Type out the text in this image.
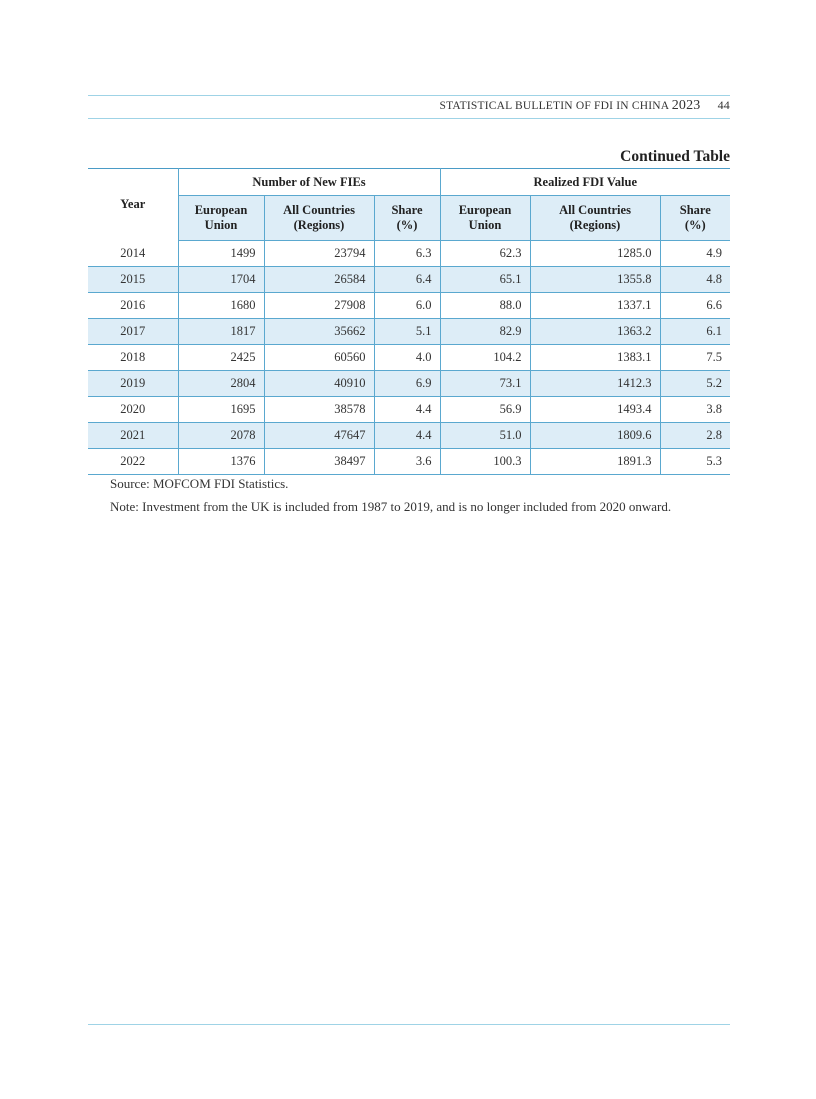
STATISTICAL BULLETIN OF FDI IN CHINA 2023 44
Continued Table
Year	Number of New FIEs			Realized FDI Value		
	European	All Countries	Share	European	All Countries	Share
	Union	(Regions)	(%)	Union	(Regions)	(%)
2014	1499	23794	6.3	62.3	1285.0	4.9
2015	1704	26584	6.4	65.1	1355.8	4.8
2016	1680	27908	6.0	88.0	1337.1	6.6
2017	1817	35662	5.1	82.9	1363.2	6.1
2018	2425	60560	4.0	104.2	1383.1	7.5
2019	2804	40910	6.9	73.1	1412.3	5.2
2020	1695	38578	4.4	56.9	1493.4	3.8
2021	2078	47647	4.4	51.0	1809.6	2.8
2022	1376	38497	3.6	100.3	1891.3	5.3
Source: MOFCOM FDI Statistics.
Note: Investment from the UK is included from 1987 to 2019, and is no longer included from 2020 onward.
